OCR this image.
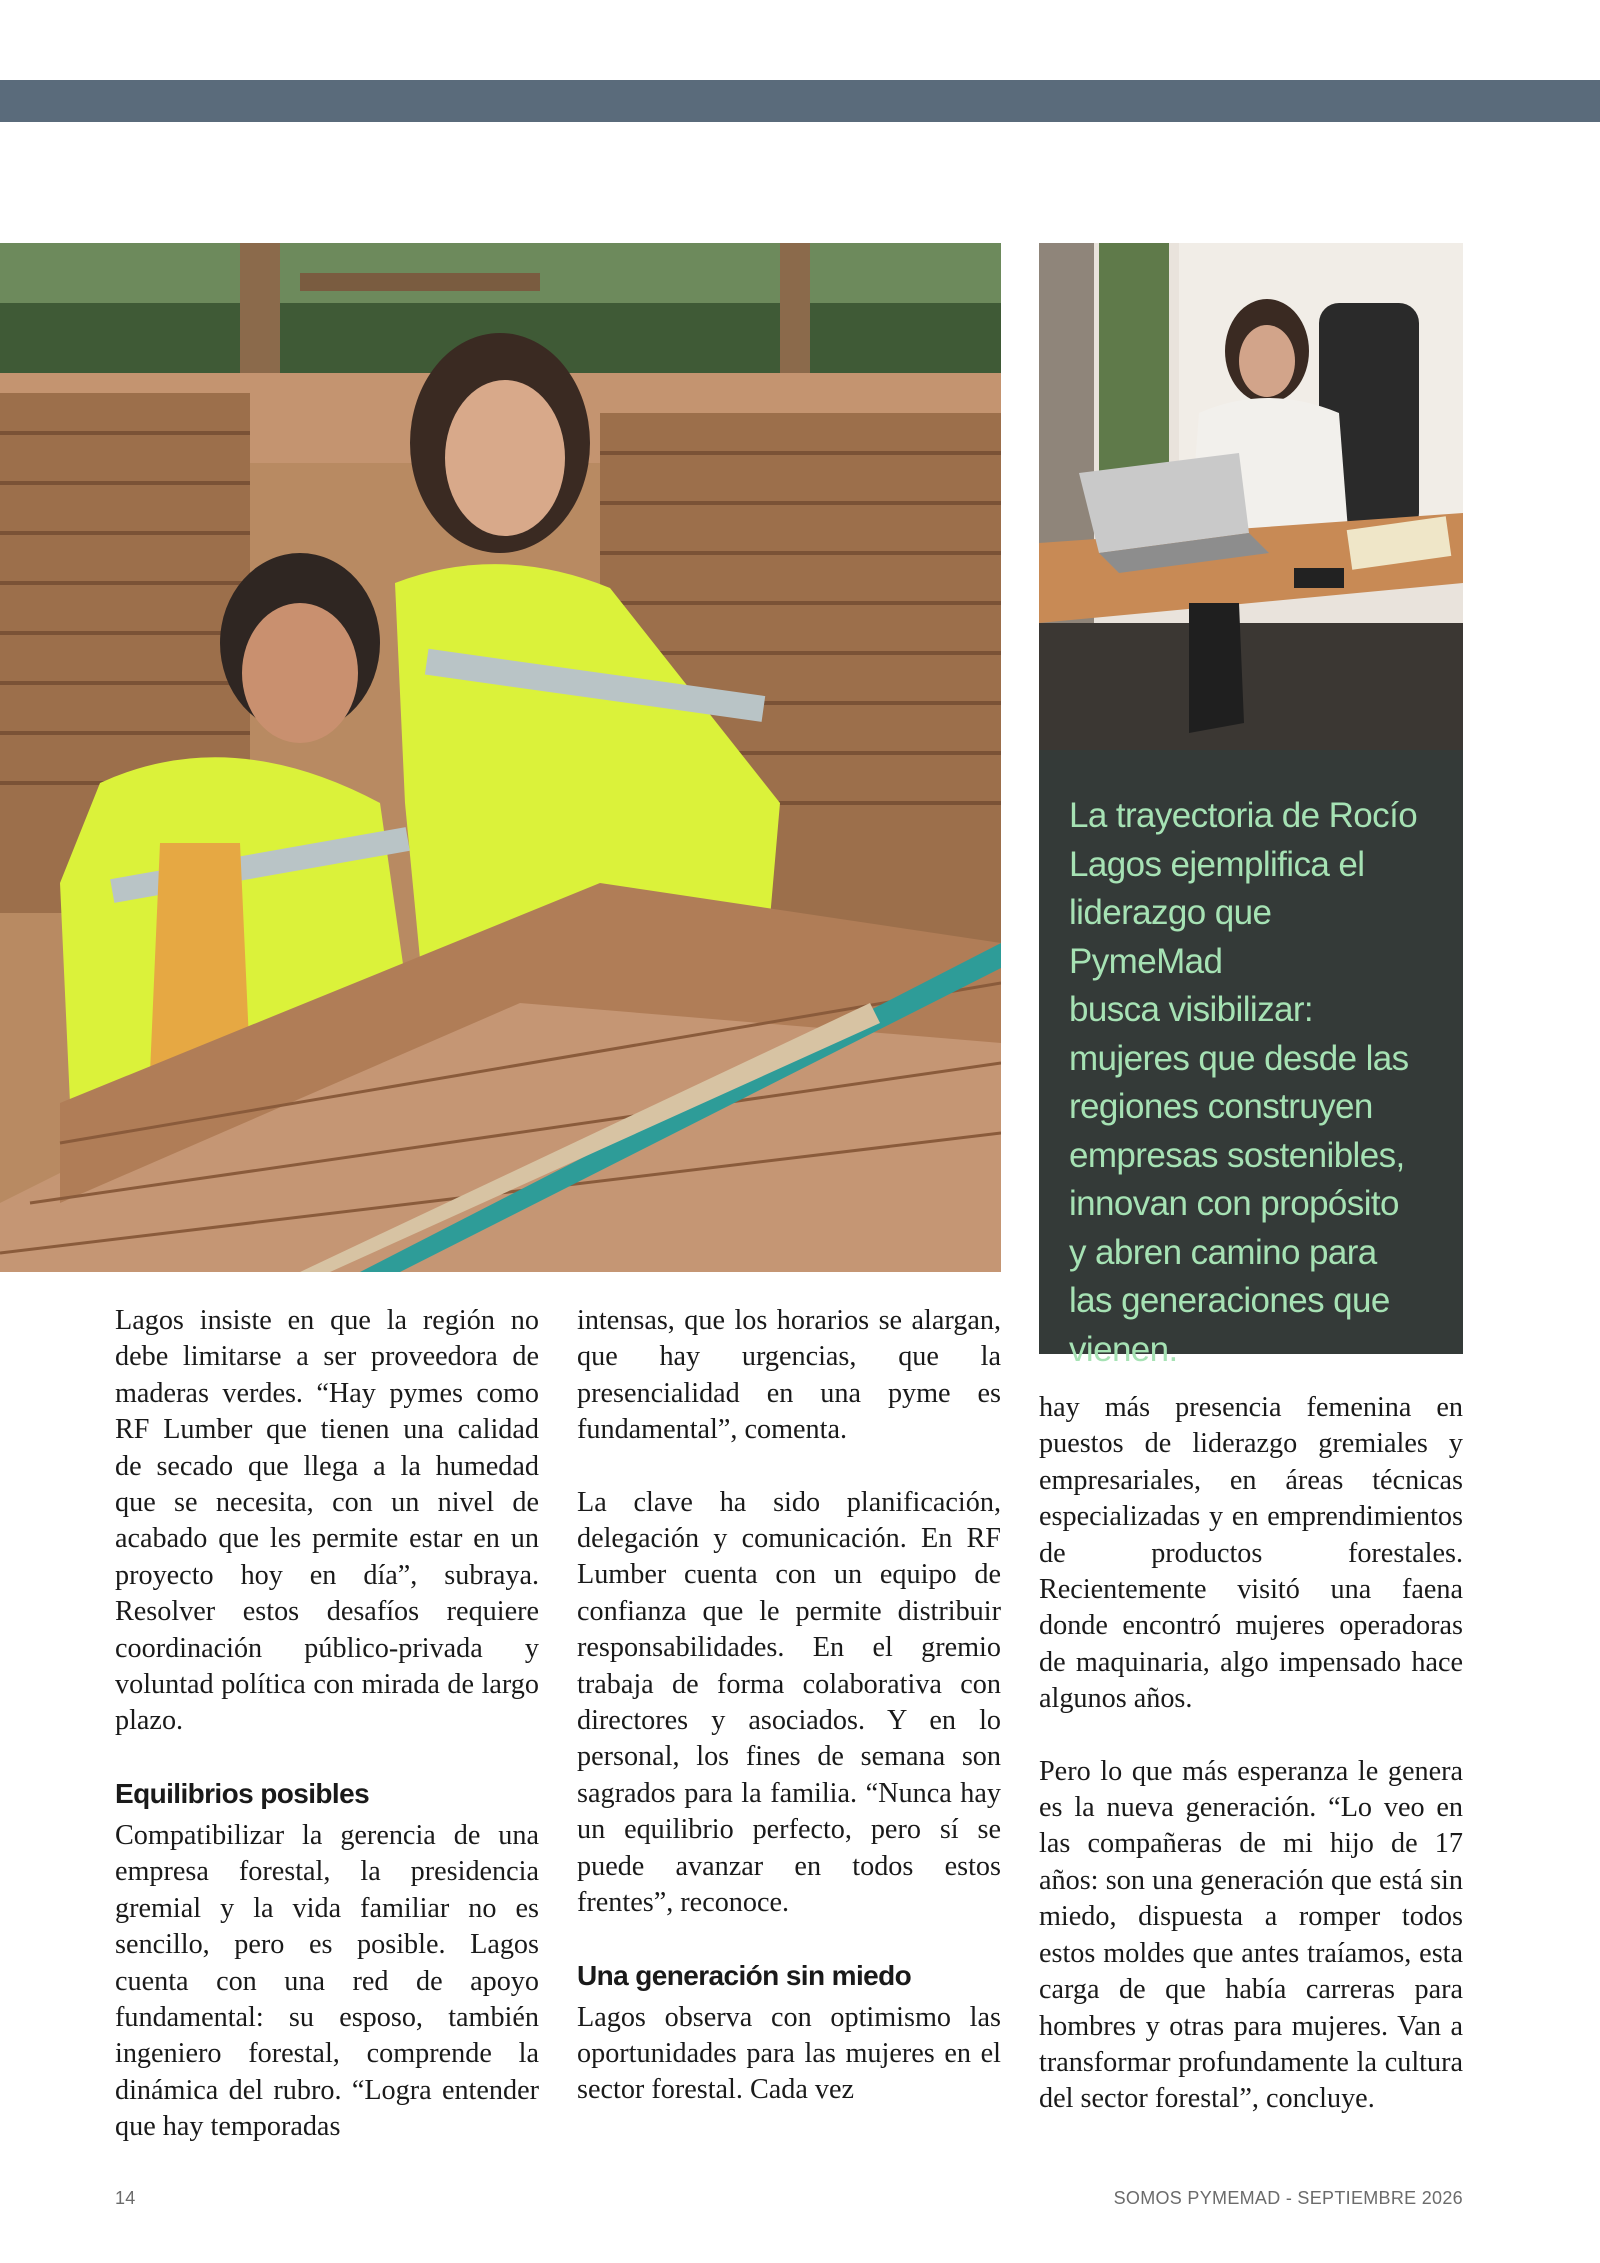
La trayectoria de Rocío
Lagos ejemplifica el
liderazgo que PymeMad
busca visibilizar:
mujeres que desde las
regiones construyen
empresas sostenibles,
innovan con propósito
y abren camino para
las generaciones que
vienen.

Lagos insiste en que la región no debe limitarse a ser proveedora de maderas verdes. “Hay pymes como RF Lumber que tienen una calidad de secado que llega a la humedad que se necesita, con un nivel de acabado que les permite estar en un proyecto hoy en día”, subraya. Resolver estos desafíos requiere coordinación público-privada y voluntad política con mirada de largo plazo.

Equilibrios posibles

Compatibilizar la gerencia de una empresa forestal, la presidencia gremial y la vida familiar no es sencillo, pero es posible. Lagos cuenta con una red de apoyo fundamental: su esposo, también ingeniero forestal, comprende la dinámica del rubro. “Logra entender que hay temporadas

intensas, que los horarios se alargan, que hay urgencias, que la presencialidad en una pyme es fundamental”, comenta.

La clave ha sido planificación, delegación y comunicación. En RF Lumber cuenta con un equipo de confianza que le permite distribuir responsabilidades. En el gremio trabaja de forma colaborativa con directores y asociados. Y en lo personal, los fines de semana son sagrados para la familia. “Nunca hay un equilibrio perfecto, pero sí se puede avanzar en todos estos frentes”, reconoce.

Una generación sin miedo

Lagos observa con optimismo las oportunidades para las mujeres en el sector forestal. Cada vez

hay más presencia femenina en puestos de liderazgo gremiales y empresariales, en áreas técnicas especializadas y en emprendimientos de productos forestales. Recientemente visitó una faena donde encontró mujeres operadoras de maquinaria, algo impensado hace algunos años.

Pero lo que más esperanza le genera es la nueva generación. “Lo veo en las compañeras de mi hijo de 17 años: son una generación que está sin miedo, dispuesta a romper todos estos moldes que antes traíamos, esta carga de que había carreras para hombres y otras para mujeres. Van a transformar profundamente la cultura del sector forestal”, concluye.

14	SOMOS PYMEMAD - SEPTIEMBRE 2026
